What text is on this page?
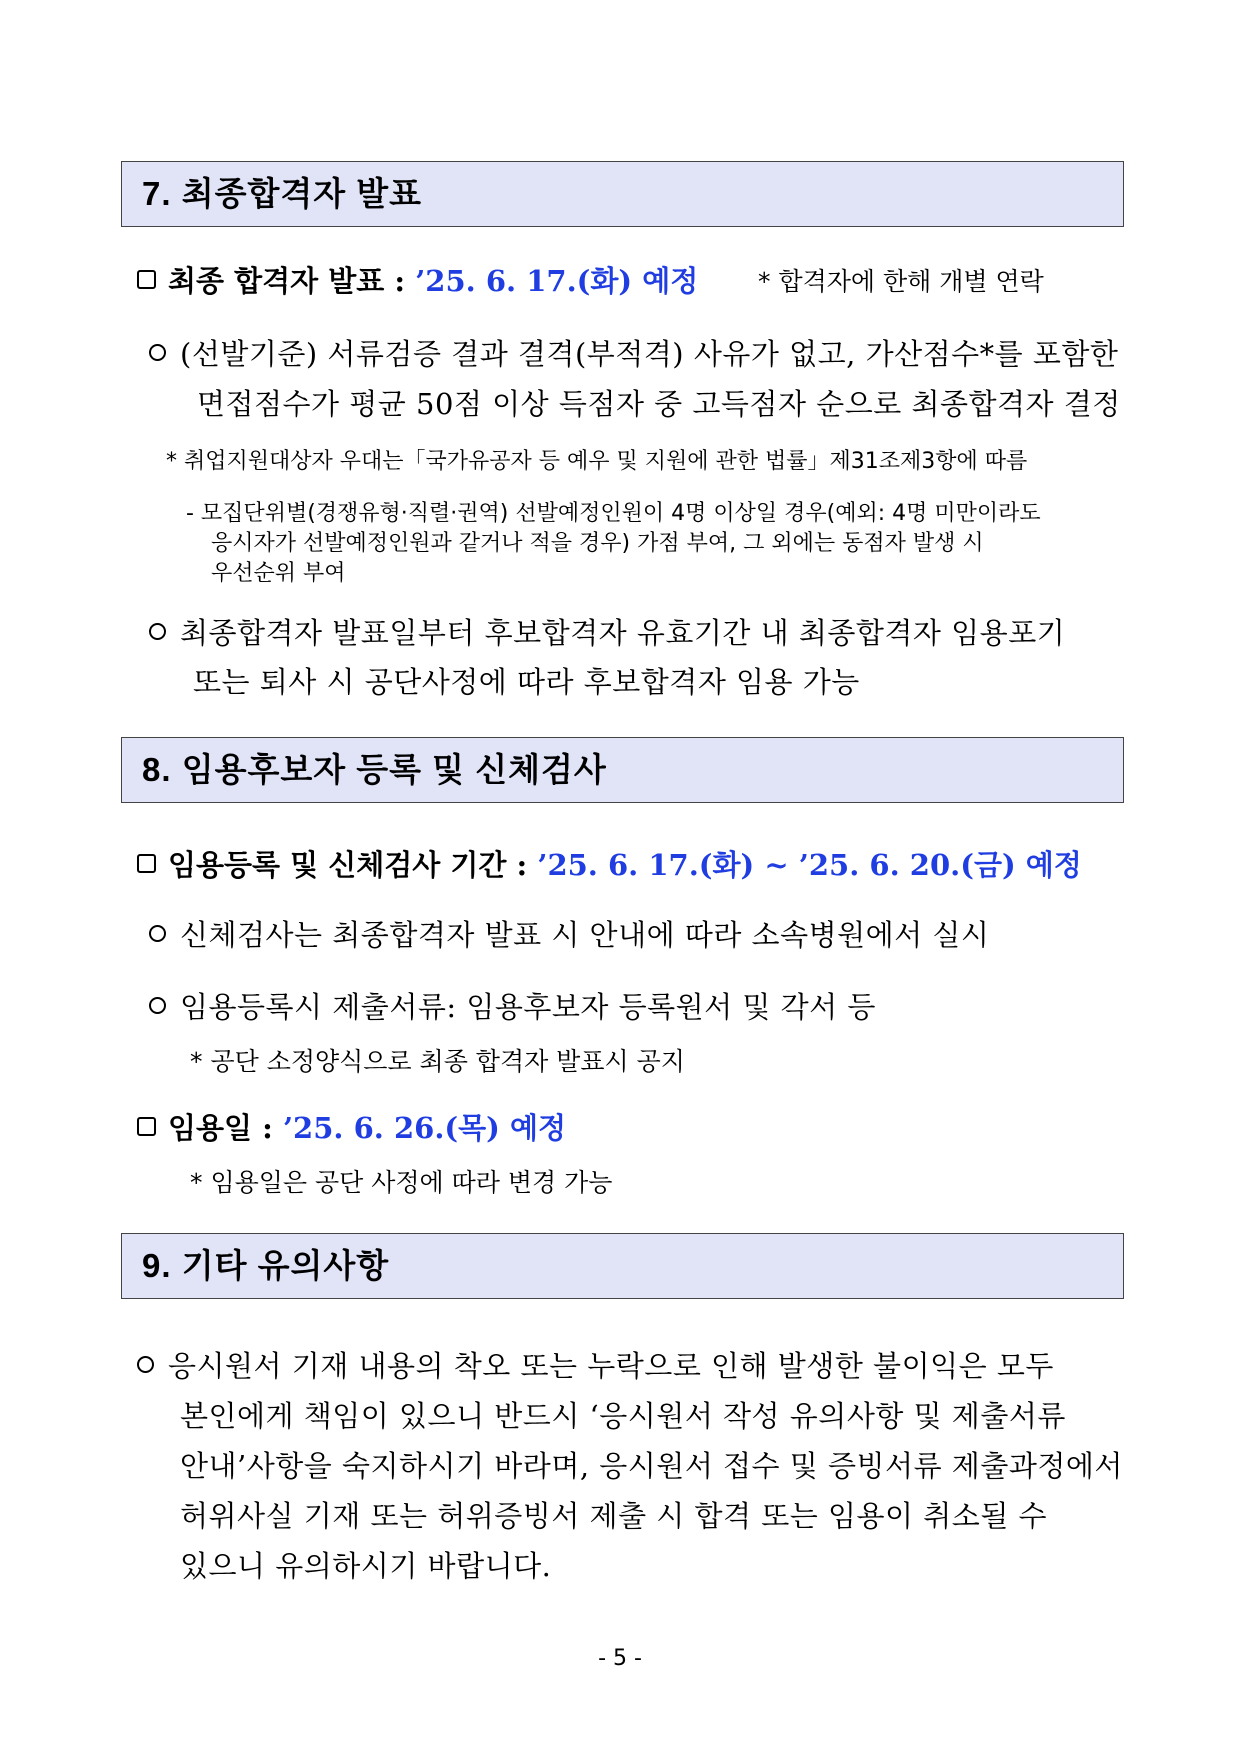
7. 최종합격자 발표
최종 합격자 발표 : ’25. 6. 17.(화) 예정 * 합격자에 한해 개별 연락
(선발기준) 서류검증 결과 결격(부적격) 사유가 없고, 가산점수*를 포함한
면접점수가 평균 50점 이상 득점자 중 고득점자 순으로 최종합격자 결정
* 취업지원대상자 우대는「국가유공자 등 예우 및 지원에 관한 법률」제31조제3항에 따름
- 모집단위별(경쟁유형·직렬·권역) 선발예정인원이 4명 이상일 경우(예외: 4명 미만이라도
응시자가 선발예정인원과 같거나 적을 경우) 가점 부여, 그 외에는 동점자 발생 시
우선순위 부여
최종합격자 발표일부터 후보합격자 유효기간 내 최종합격자 임용포기
또는 퇴사 시 공단사정에 따라 후보합격자 임용 가능
8. 임용후보자 등록 및 신체검사
임용등록 및 신체검사 기간 : ’25. 6. 17.(화) ~ ’25. 6. 20.(금) 예정
신체검사는 최종합격자 발표 시 안내에 따라 소속병원에서 실시
임용등록시 제출서류: 임용후보자 등록원서 및 각서 등
* 공단 소정양식으로 최종 합격자 발표시 공지
임용일 : ’25. 6. 26.(목) 예정
* 임용일은 공단 사정에 따라 변경 가능
9. 기타 유의사항
응시원서 기재 내용의 착오 또는 누락으로 인해 발생한 불이익은 모두
본인에게 책임이 있으니 반드시 ‘응시원서 작성 유의사항 및 제출서류
안내’사항을 숙지하시기 바라며, 응시원서 접수 및 증빙서류 제출과정에서
허위사실 기재 또는 허위증빙서 제출 시 합격 또는 임용이 취소될 수
있으니 유의하시기 바랍니다.
- 5 -
